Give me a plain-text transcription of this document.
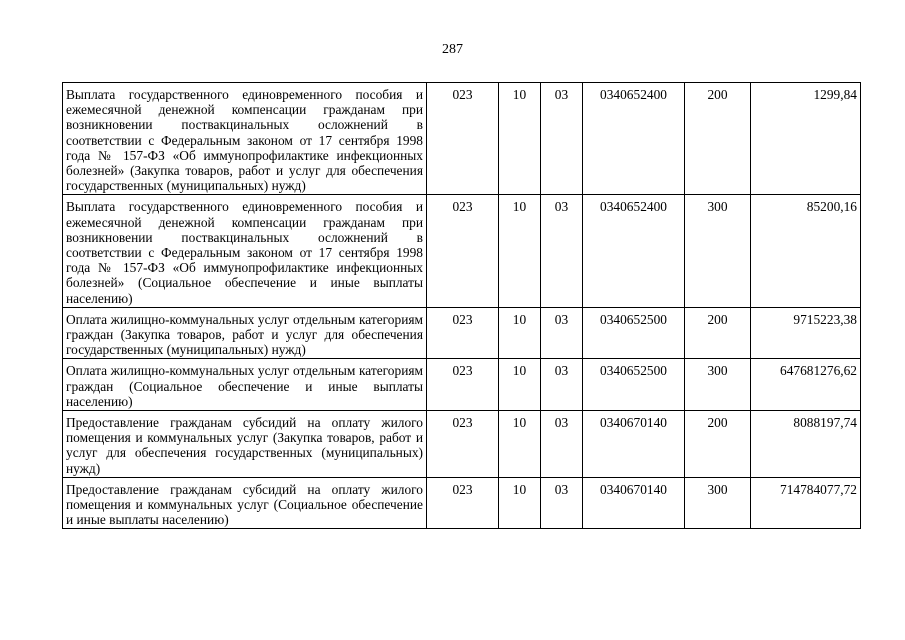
287
Выплата государственного единовременного пособия и ежемесячной денежной компенсации гражданам при возникновении поствакцинальных осложнений в соответствии с Федеральным законом от 17 сентября 1998 года № 157-ФЗ «Об иммунопрофилактике инфекционных болезней» (Закупка товаров, работ и услуг для обеспечения государственных (муниципальных) нужд)	023	10	03	0340652400	200	1299,84
Выплата государственного единовременного пособия и ежемесячной денежной компенсации гражданам при возникновении поствакцинальных осложнений в соответствии с Федеральным законом от 17 сентября 1998 года № 157-ФЗ «Об иммунопрофилактике инфекционных болезней» (Социальное обеспечение и иные выплаты населению)	023	10	03	0340652400	300	85200,16
Оплата жилищно-коммунальных услуг отдельным категориям граждан (Закупка товаров, работ и услуг для обеспечения государственных (муниципальных) нужд)	023	10	03	0340652500	200	9715223,38
Оплата жилищно-коммунальных услуг отдельным категориям граждан (Социальное обеспечение и иные выплаты населению)	023	10	03	0340652500	300	647681276,62
Предоставление гражданам субсидий на оплату жилого помещения и коммунальных услуг (Закупка товаров, работ и услуг для обеспечения государственных (муниципальных) нужд)	023	10	03	0340670140	200	8088197,74
Предоставление гражданам субсидий на оплату жилого помещения и коммунальных услуг (Социальное обеспечение и иные выплаты населению)	023	10	03	0340670140	300	714784077,72
